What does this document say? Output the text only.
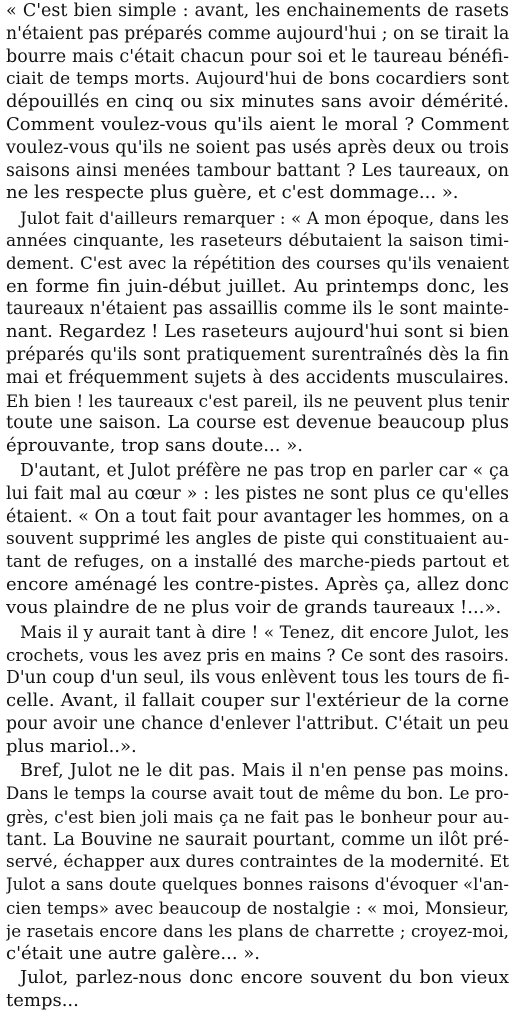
« C'est bien simple : avant, les enchainements de rasets
n'étaient pas préparés comme aujourd'hui ; on se tirait la
bourre mais c'était chacun pour soi et le taureau bénéfi-
ciait de temps morts. Aujourd'hui de bons cocardiers sont
dépouillés en cinq ou six minutes sans avoir démérité.
Comment voulez-vous qu'ils aient le moral ? Comment
voulez-vous qu'ils ne soient pas usés après deux ou trois
saisons ainsi menées tambour battant ? Les taureaux, on
ne les respecte plus guère, et c'est dommage... ».
Julot fait d'ailleurs remarquer : « A mon époque, dans les
années cinquante, les raseteurs débutaient la saison timi-
dement. C'est avec la répétition des courses qu'ils venaient
en forme fin juin-début juillet. Au printemps donc, les
taureaux n'étaient pas assaillis comme ils le sont mainte-
nant. Regardez ! Les raseteurs aujourd'hui sont si bien
préparés qu'ils sont pratiquement surentraînés dès la fin
mai et fréquemment sujets à des accidents musculaires.
Eh bien ! les taureaux c'est pareil, ils ne peuvent plus tenir
toute une saison. La course est devenue beaucoup plus
éprouvante, trop sans doute... ».
D'autant, et Julot préfère ne pas trop en parler car « ça
lui fait mal au cœur » : les pistes ne sont plus ce qu'elles
étaient. « On a tout fait pour avantager les hommes, on a
souvent supprimé les angles de piste qui constituaient au-
tant de refuges, on a installé des marche-pieds partout et
encore aménagé les contre-pistes. Après ça, allez donc
vous plaindre de ne plus voir de grands taureaux !...».
Mais il y aurait tant à dire ! « Tenez, dit encore Julot, les
crochets, vous les avez pris en mains ? Ce sont des rasoirs.
D'un coup d'un seul, ils vous enlèvent tous les tours de fi-
celle. Avant, il fallait couper sur l'extérieur de la corne
pour avoir une chance d'enlever l'attribut. C'était un peu
plus mariol..».
Bref, Julot ne le dit pas. Mais il n'en pense pas moins.
Dans le temps la course avait tout de même du bon. Le pro-
grès, c'est bien joli mais ça ne fait pas le bonheur pour au-
tant. La Bouvine ne saurait pourtant, comme un ilôt pré-
servé, échapper aux dures contraintes de la modernité. Et
Julot a sans doute quelques bonnes raisons d'évoquer «l'an-
cien temps» avec beaucoup de nostalgie : « moi, Monsieur,
je rasetais encore dans les plans de charrette ; croyez-moi,
c'était une autre galère... ».
Julot, parlez-nous donc encore souvent du bon vieux
temps...
